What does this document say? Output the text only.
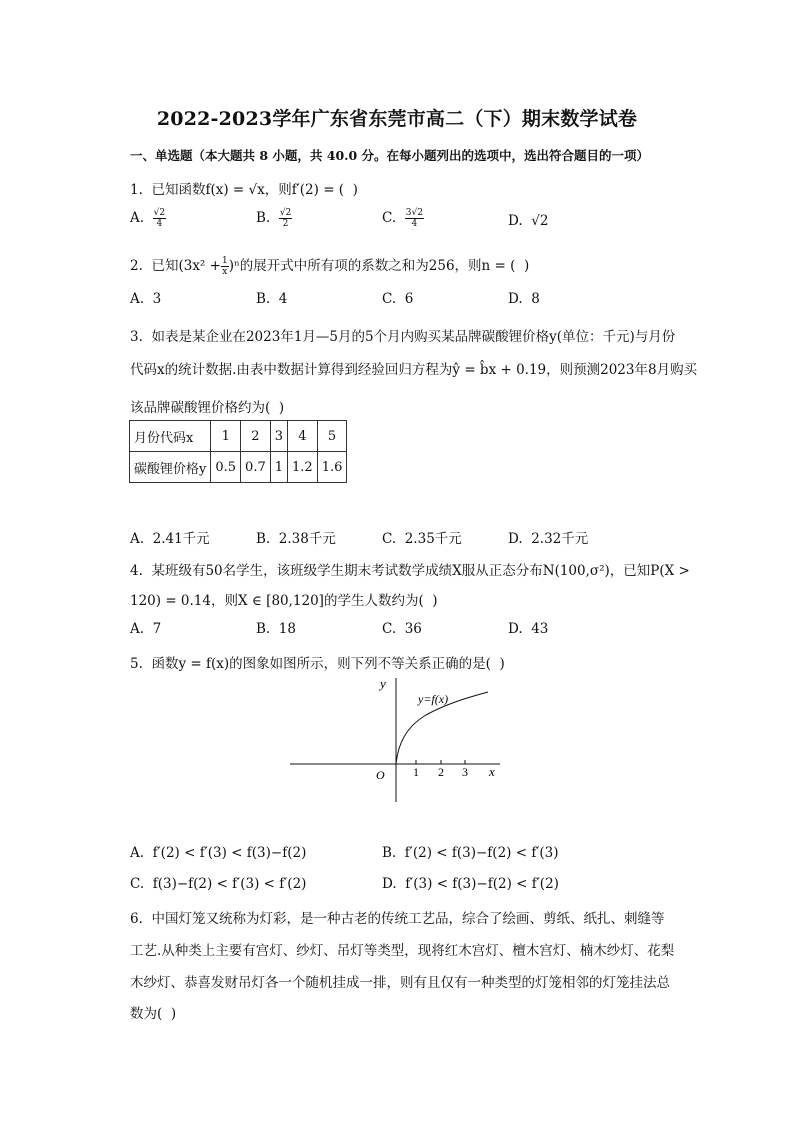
2022-2023学年广东省东莞市高二（下）期末数学试卷
一、单选题（本大题共 8 小题，共 40.0 分。在每小题列出的选项中，选出符合题目的一项）
1.  已知函数f(x) = √x，则f′(2) = (  )
A. $\frac{√2}{4}$	B. $\frac{√2}{2}$	C. $\frac{3√2}{4}$	D.  √2
2.  已知$(3x^2 + \frac{1}{x} )^n$的展开式中所有项的系数之和为256，则n = (  )
A.  3	B.  4	C.  6	D.  8
3.  如表是某企业在2023年1月—5月的5个月内购买某品牌碳酸锂价格y(单位：千元)与月份
代码x的统计数据.由表中数据计算得到经验回归方程为ŷ = b̂x + 0.19，则预测2023年8月购买
该品牌碳酸锂价格约为(  )
月份代码x	1	2	3	4	5
碳酸锂价格y	0.5	0.7	1	1.2	1.6
A.  2.41千元	B.  2.38千元	C.  2.35千元	D.  2.32千元
4.  某班级有50名学生，该班级学生期末考试数学成绩X服从正态分布N(100,σ²)，已知P(X >
120) = 0.14，则X ∈ [80,120]的学生人数约为(  )
A.  7	B.  18	C.  36	D.  43
5.  函数y = f(x)的图象如图所示，则下列不等关系正确的是(  )
y
x
O
y=f(x)
1 2 3
A.  f′(2) < f′(3) < f(3)−f(2)	B.  f′(2) < f(3)−f(2) < f′(3)
C.  f(3)−f(2) < f′(3) < f′(2)	D.  f′(3) < f(3)−f(2) < f′(2)
6.  中国灯笼又统称为灯彩，是一种古老的传统工艺品，综合了绘画、剪纸、纸扎、刺缝等
工艺.从种类上主要有宫灯、纱灯、吊灯等类型，现将红木宫灯、檀木宫灯、楠木纱灯、花梨
木纱灯、恭喜发财吊灯各一个随机挂成一排，则有且仅有一种类型的灯笼相邻的灯笼挂法总
数为(  )
